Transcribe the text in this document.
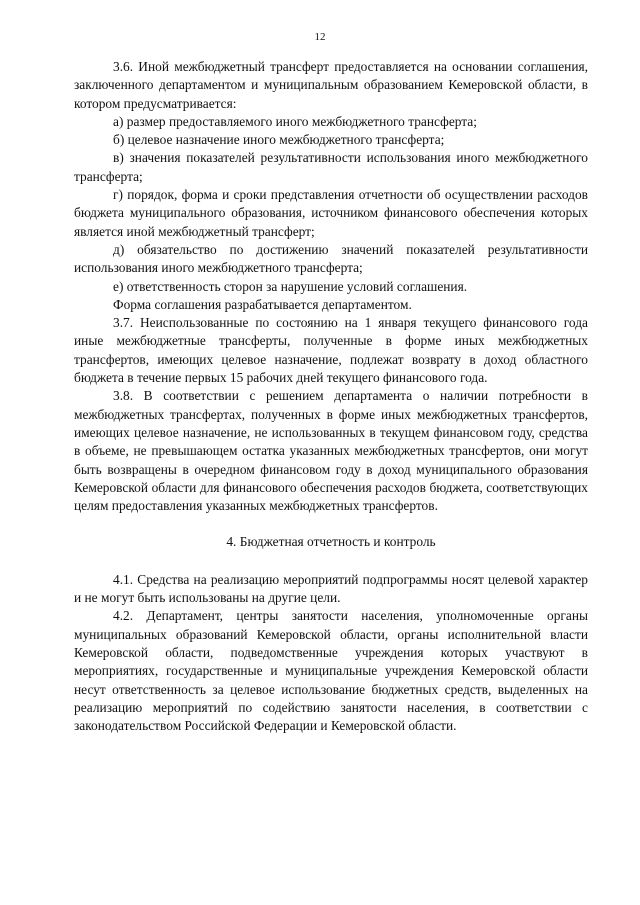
12

3.6. Иной межбюджетный трансферт предоставляется на основании соглашения, заключенного департаментом и муниципальным образованием Кемеровской области, в котором предусматривается:

а) размер предоставляемого иного межбюджетного трансферта;

б) целевое назначение иного межбюджетного трансферта;

в) значения показателей результативности использования иного межбюджетного трансферта;

г) порядок, форма и сроки представления отчетности об осуществлении расходов бюджета муниципального образования, источником финансового обеспечения которых является иной межбюджетный трансферт;

д) обязательство по достижению значений показателей результативности использования иного межбюджетного трансферта;

е) ответственность сторон за нарушение условий соглашения.

Форма соглашения разрабатывается департаментом.

3.7. Неиспользованные по состоянию на 1 января текущего финансового года иные межбюджетные трансферты, полученные в форме иных межбюджетных трансфертов, имеющих целевое назначение, подлежат возврату в доход областного бюджета в течение первых 15 рабочих дней текущего финансового года.

3.8. В соответствии с решением департамента о наличии потребности в межбюджетных трансфертах, полученных в форме иных межбюджетных трансфертов, имеющих целевое назначение, не использованных в текущем финансовом году, средства в объеме, не превышающем остатка указанных межбюджетных трансфертов, они могут быть возвращены в очередном финансовом году в доход муниципального образования Кемеровской области для финансового обеспечения расходов бюджета, соответствующих целям предоставления указанных межбюджетных трансфертов.

4. Бюджетная отчетность и контроль

4.1. Средства на реализацию мероприятий подпрограммы носят целевой характер и не могут быть использованы на другие цели.

4.2. Департамент, центры занятости населения, уполномоченные органы муниципальных образований Кемеровской области, органы исполнительной власти Кемеровской области, подведомственные учреждения которых участвуют в мероприятиях, государственные и муниципальные учреждения Кемеровской области несут ответственность за целевое использование бюджетных средств, выделенных на реализацию мероприятий по содействию занятости населения, в соответствии с законодательством Российской Федерации и Кемеровской области.
